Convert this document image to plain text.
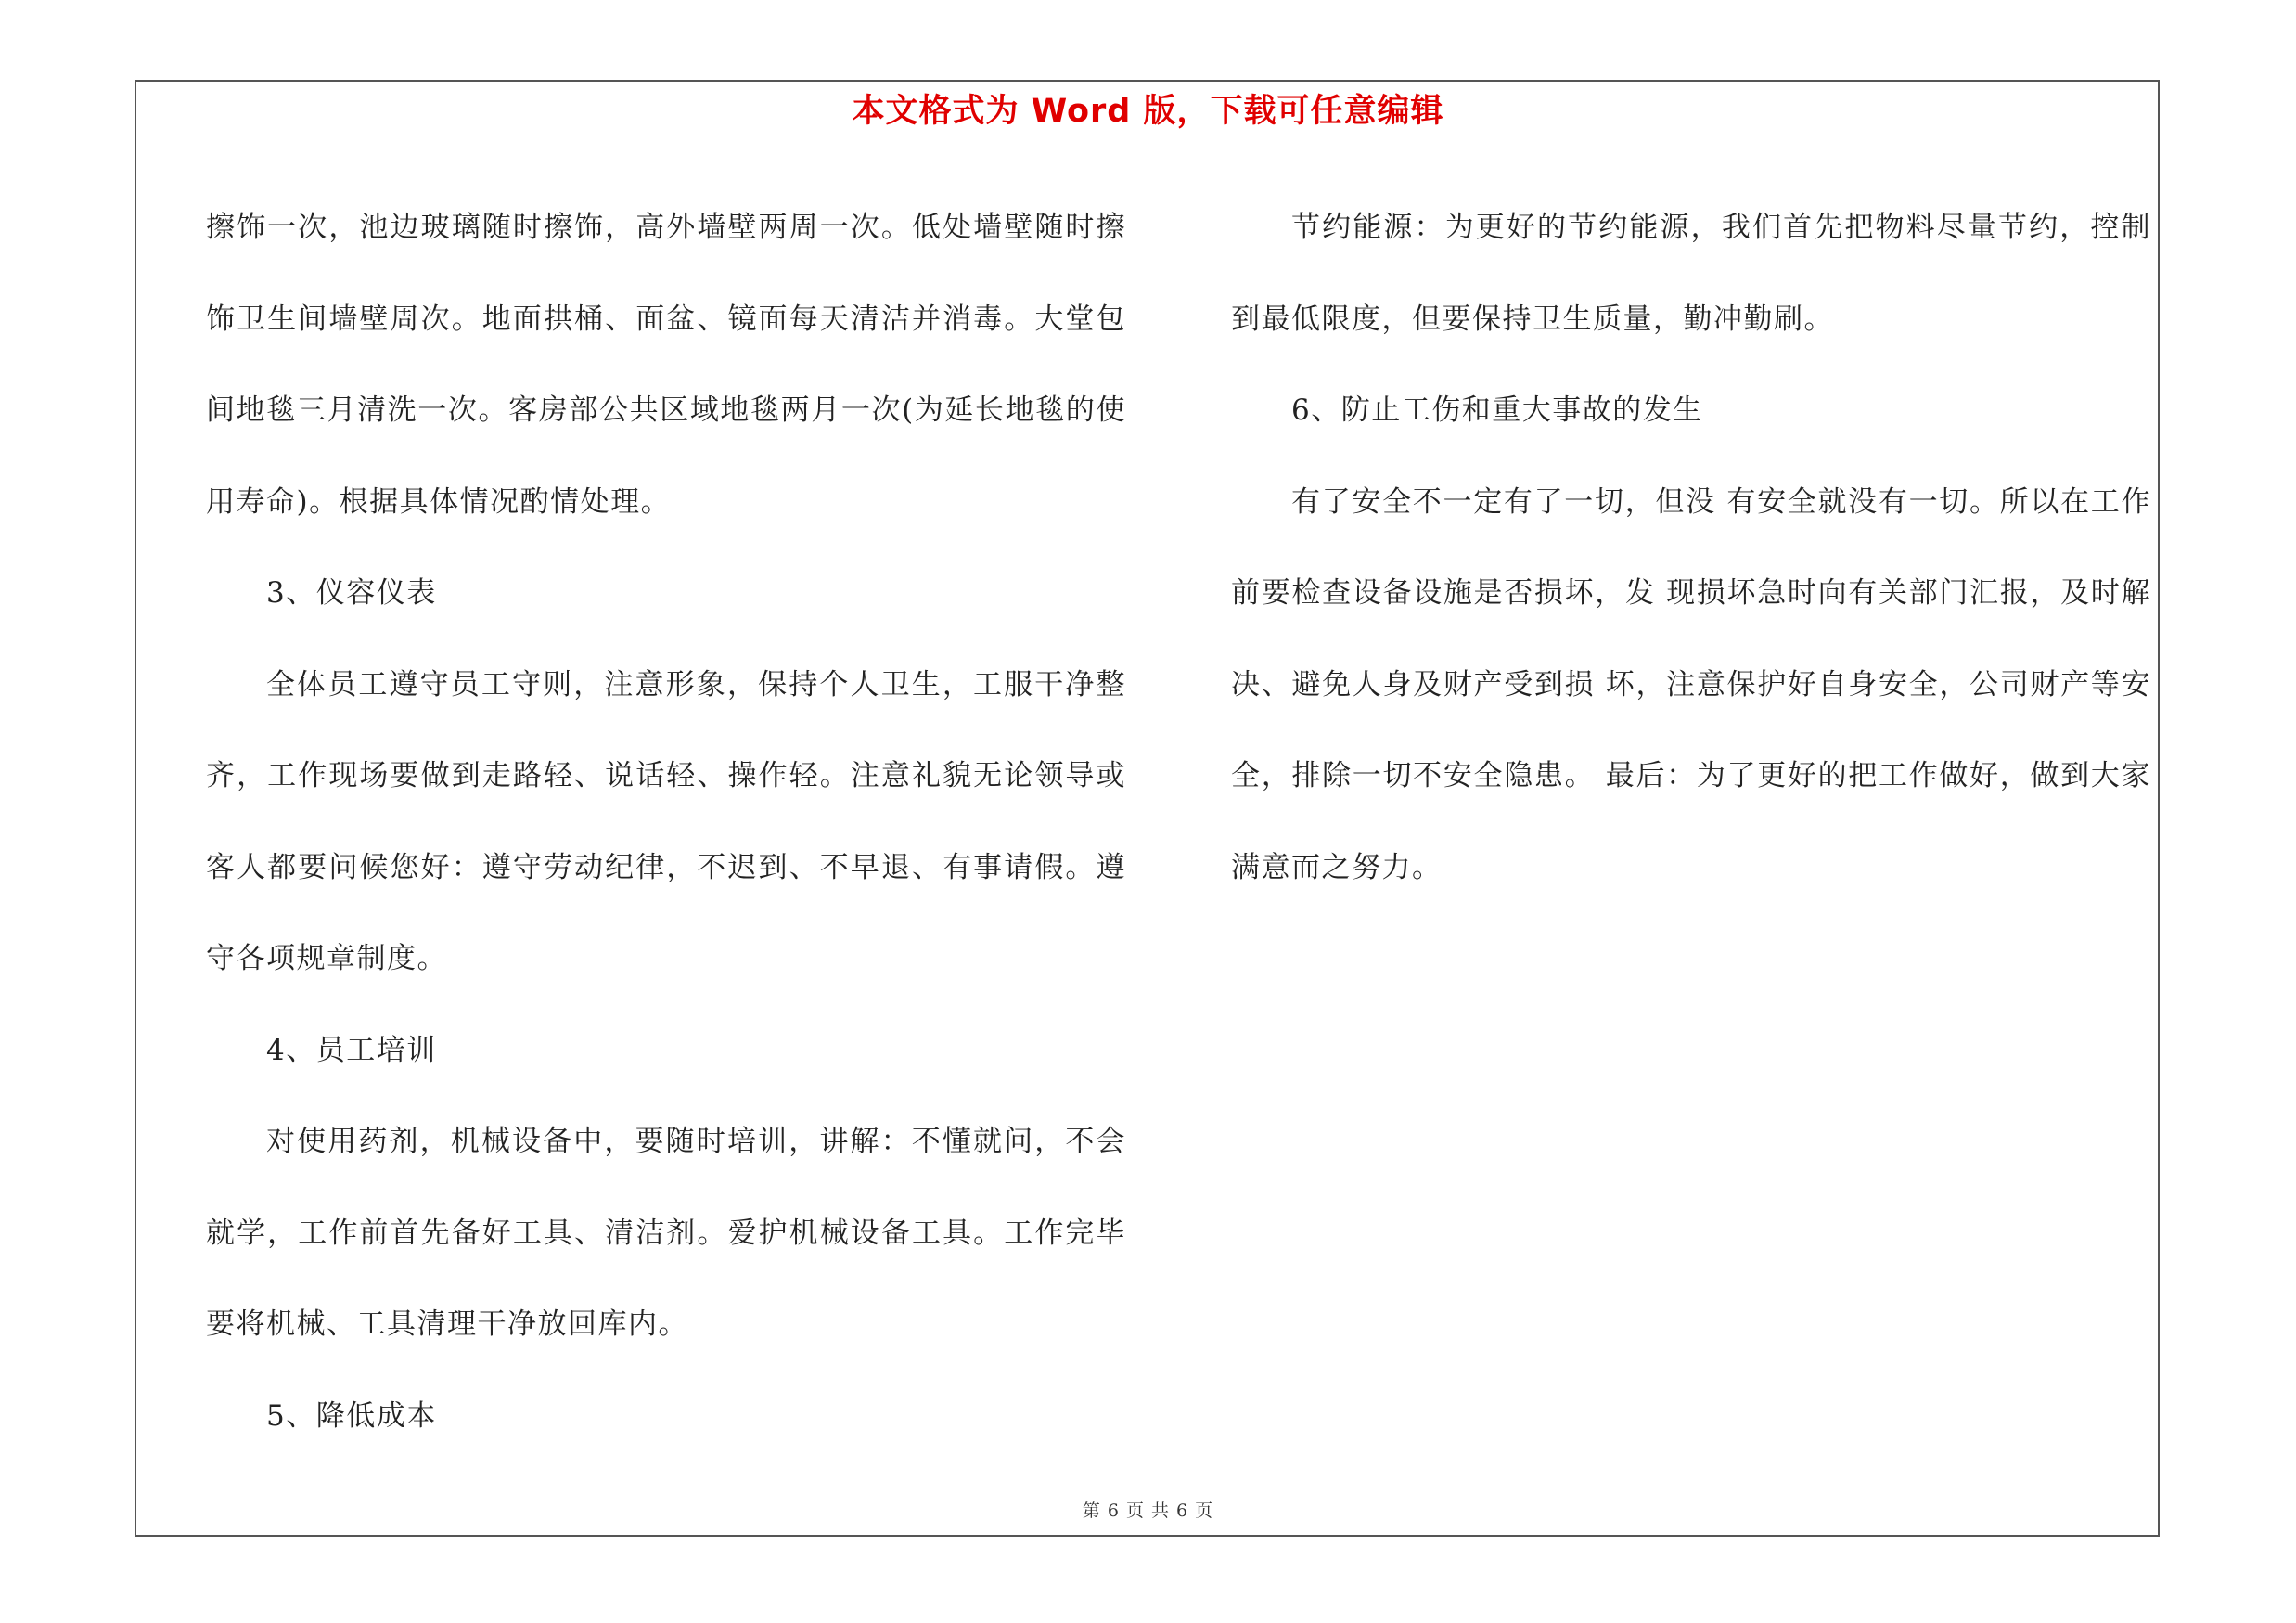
本文格式为 Word 版，下载可任意编辑

擦饰一次，池边玻璃随时擦饰，高外墙壁两周一次。低处墙壁随时擦饰卫生间墙壁周次。地面拱桶、面盆、镜面每天清洁并消毒。大堂包间地毯三月清洗一次。客房部公共区域地毯两月一次(为延长地毯的使用寿命)。根据具体情况酌情处理。

3、仪容仪表

全体员工遵守员工守则，注意形象，保持个人卫生，工服干净整齐，工作现场要做到走路轻、说话轻、操作轻。注意礼貌无论领导或客人都要问候您好：遵守劳动纪律，不迟到、不早退、有事请假。遵守各项规章制度。

4、员工培训

对使用药剂，机械设备中，要随时培训，讲解：不懂就问，不会就学，工作前首先备好工具、清洁剂。爱护机械设备工具。工作完毕要将机械、工具清理干净放回库内。

5、降低成本

节约能源：为更好的节约能源，我们首先把物料尽量节约，控制到最低限度，但要保持卫生质量，勤冲勤刷。

6、防止工伤和重大事故的发生

有了安全不一定有了一切，但没 有安全就没有一切。所以在工作前要检查设备设施是否损坏，发 现损坏急时向有关部门汇报，及时解决、避免人身及财产受到损 坏，注意保护好自身安全，公司财产等安全，排除一切不安全隐患。 最后：为了更好的把工作做好，做到大家满意而之努力。

第 6 页 共 6 页
